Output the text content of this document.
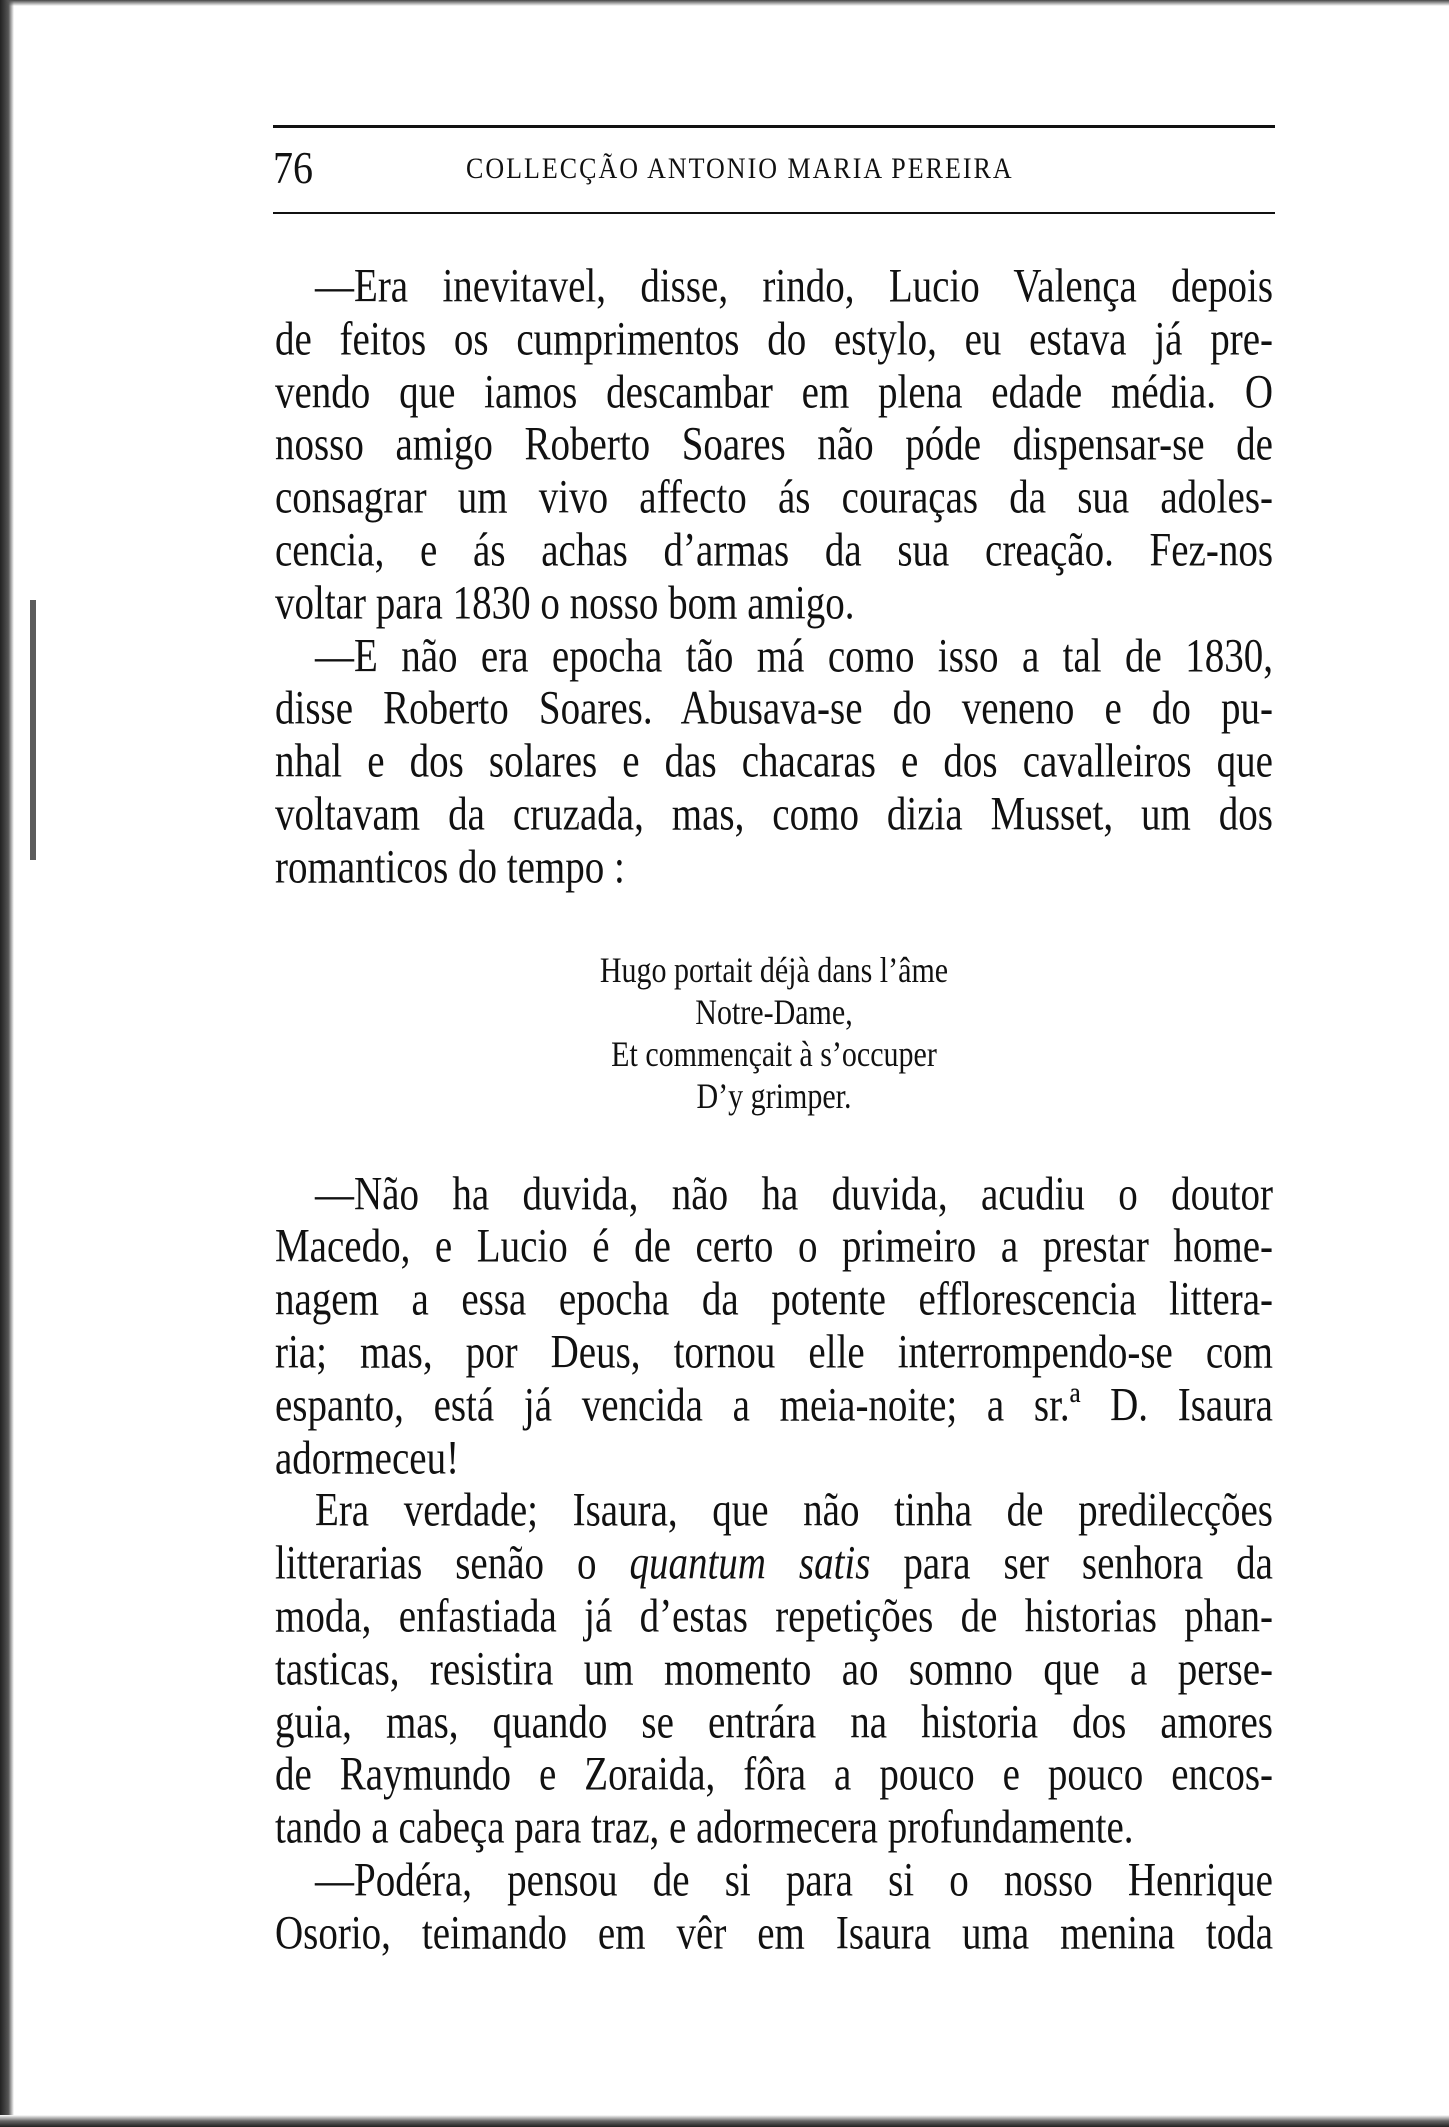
76	COLLECÇÃO ANTONIO MARIA PEREIRA
—Era inevitavel, disse, rindo, Lucio Valença depois
de feitos os cumprimentos do estylo, eu estava já pre-
vendo que iamos descambar em plena edade média. O
nosso amigo Roberto Soares não póde dispensar-se de
consagrar um vivo affecto ás couraças da sua adoles-
cencia, e ás achas d’armas da sua creação. Fez-nos
voltar para 1830 o nosso bom amigo.
—E não era epocha tão má como isso a tal de 1830,
disse Roberto Soares. Abusava-se do veneno e do pu-
nhal e dos solares e das chacaras e dos cavalleiros que
voltavam da cruzada, mas, como dizia Musset, um dos
romanticos do tempo :
Hugo portait déjà dans l’âme
Notre-Dame,
Et commençait à s’occuper
D’y grimper.
—Não ha duvida, não ha duvida, acudiu o doutor
Macedo, e Lucio é de certo o primeiro a prestar home-
nagem a essa epocha da potente efflorescencia littera-
ria; mas, por Deus, tornou elle interrompendo-se com
espanto, está já vencida a meia-noite; a sr.ª D. Isaura
adormeceu!
Era verdade; Isaura, que não tinha de predilecções
litterarias senão o quantum satis para ser senhora da
moda, enfastiada já d’estas repetições de historias phan-
tasticas, resistira um momento ao somno que a perse-
guia, mas, quando se entrára na historia dos amores
de Raymundo e Zoraida, fôra a pouco e pouco encos-
tando a cabeça para traz, e adormecera profundamente.
—Podéra, pensou de si para si o nosso Henrique
Osorio, teimando em vêr em Isaura uma menina toda
